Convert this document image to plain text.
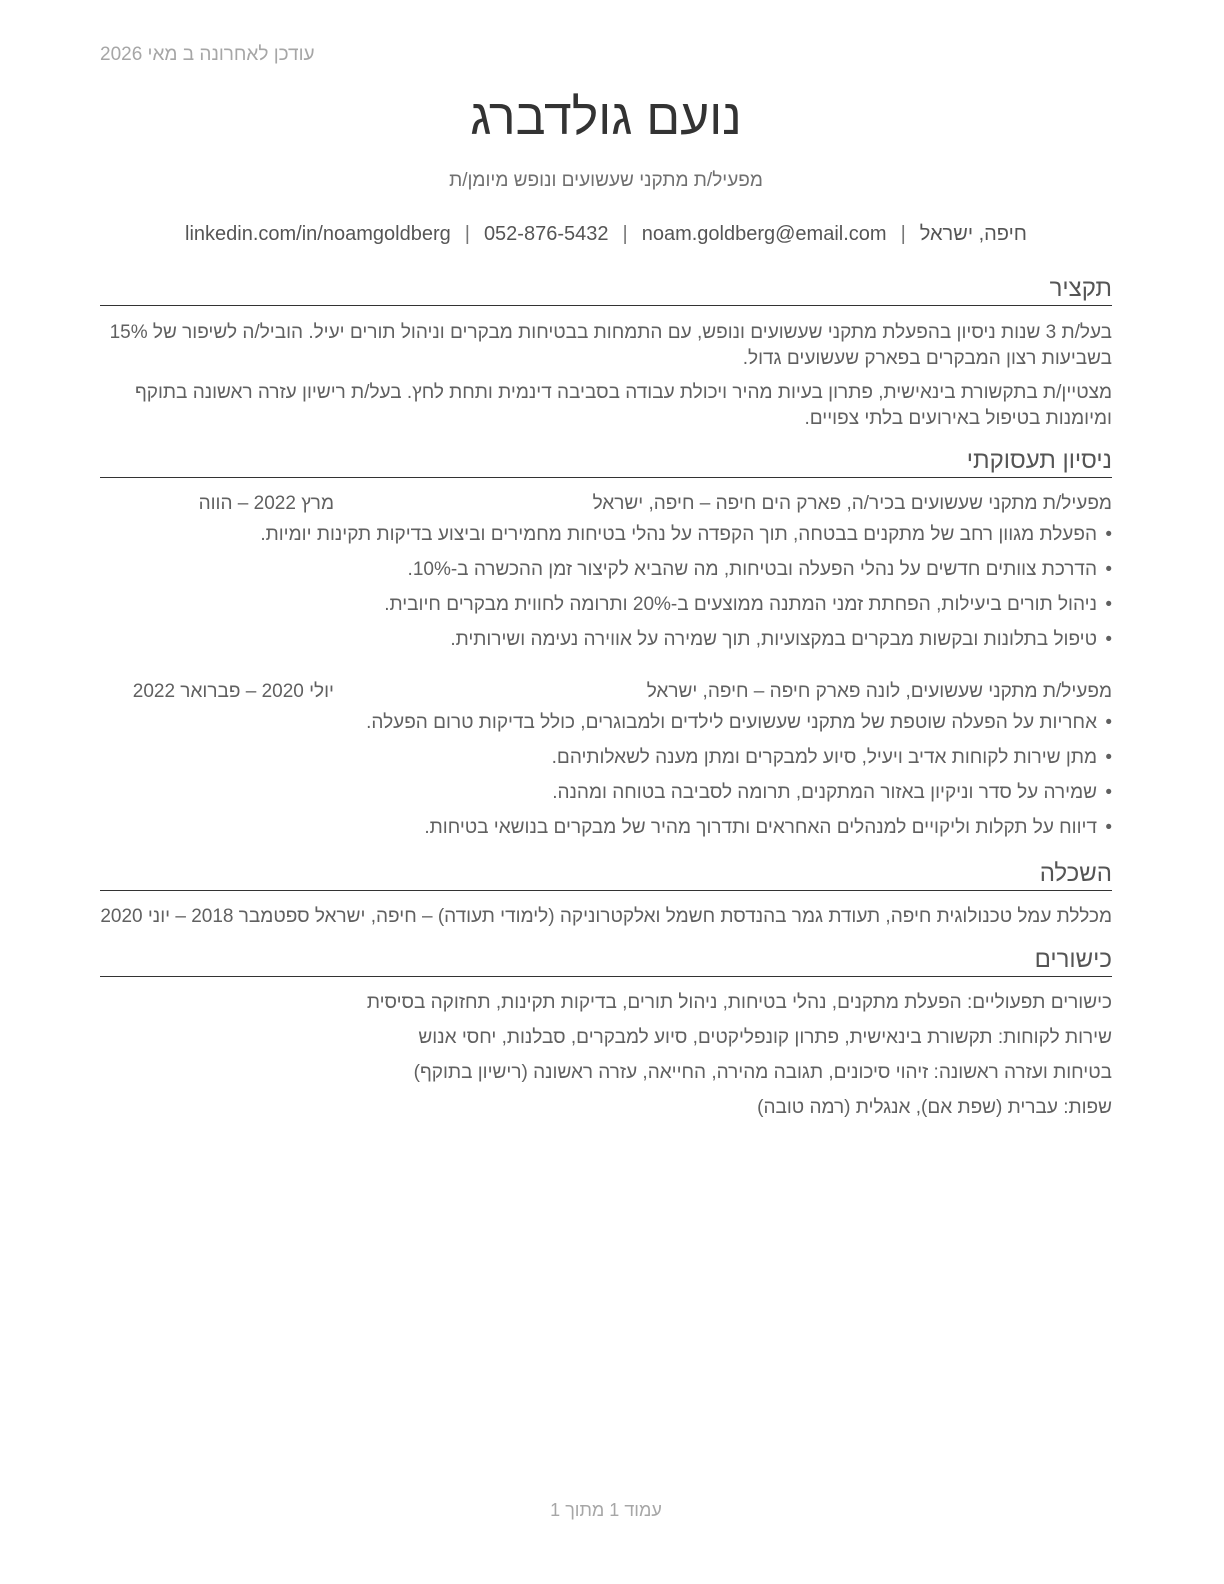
עודכן לאחרונה ב מאי 2026
נועם גולדברג
מפעיל/ת מתקני שעשועים ונופש מיומן/ת
חיפה, ישראל|noam.goldberg@email.com|052-876-5432|linkedin.com/in/noamgoldberg
תקציר
בעל/ת 3 שנות ניסיון בהפעלת מתקני שעשועים ונופש, עם התמחות בבטיחות מבקרים וניהול תורים יעיל. הוביל/ה לשיפור של 15% בשביעות רצון המבקרים בפארק שעשועים גדול.
מצטיין/ת בתקשורת בינאישית, פתרון בעיות מהיר ויכולת עבודה בסביבה דינמית ותחת לחץ. בעל/ת רישיון עזרה ראשונה בתוקף ומיומנות בטיפול באירועים בלתי צפויים.
ניסיון תעסוקתי
מפעיל/ת מתקני שעשועים בכיר/ה, פארק הים חיפה – חיפה, ישראל
מרץ 2022 – הווה
•
הפעלת מגוון רחב של מתקנים בבטחה, תוך הקפדה על נהלי בטיחות מחמירים וביצוע בדיקות תקינות יומיות.
•
הדרכת צוותים חדשים על נהלי הפעלה ובטיחות, מה שהביא לקיצור זמן ההכשרה ב-10%.
•
ניהול תורים ביעילות, הפחתת זמני המתנה ממוצעים ב-20% ותרומה לחווית מבקרים חיובית.
•
טיפול בתלונות ובקשות מבקרים במקצועיות, תוך שמירה על אווירה נעימה ושירותית.
מפעיל/ת מתקני שעשועים, לונה פארק חיפה – חיפה, ישראל
יולי 2020 – פברואר 2022
•
אחריות על הפעלה שוטפת של מתקני שעשועים לילדים ולמבוגרים, כולל בדיקות טרום הפעלה.
•
מתן שירות לקוחות אדיב ויעיל, סיוע למבקרים ומתן מענה לשאלותיהם.
•
שמירה על סדר וניקיון באזור המתקנים, תרומה לסביבה בטוחה ומהנה.
•
דיווח על תקלות וליקויים למנהלים האחראים ותדרוך מהיר של מבקרים בנושאי בטיחות.
השכלה
מכללת עמל טכנולוגית חיפה, תעודת גמר בהנדסת חשמל ואלקטרוניקה (לימודי תעודה) – חיפה, ישראל ספטמבר 2018 – יוני 2020
כישורים
כישורים תפעוליים: הפעלת מתקנים, נהלי בטיחות, ניהול תורים, בדיקות תקינות, תחזוקה בסיסית
שירות לקוחות: תקשורת בינאישית, פתרון קונפליקטים, סיוע למבקרים, סבלנות, יחסי אנוש
בטיחות ועזרה ראשונה: זיהוי סיכונים, תגובה מהירה, החייאה, עזרה ראשונה (רישיון בתוקף)
שפות: עברית (שפת אם), אנגלית (רמה טובה)
עמוד 1 מתוך 1
